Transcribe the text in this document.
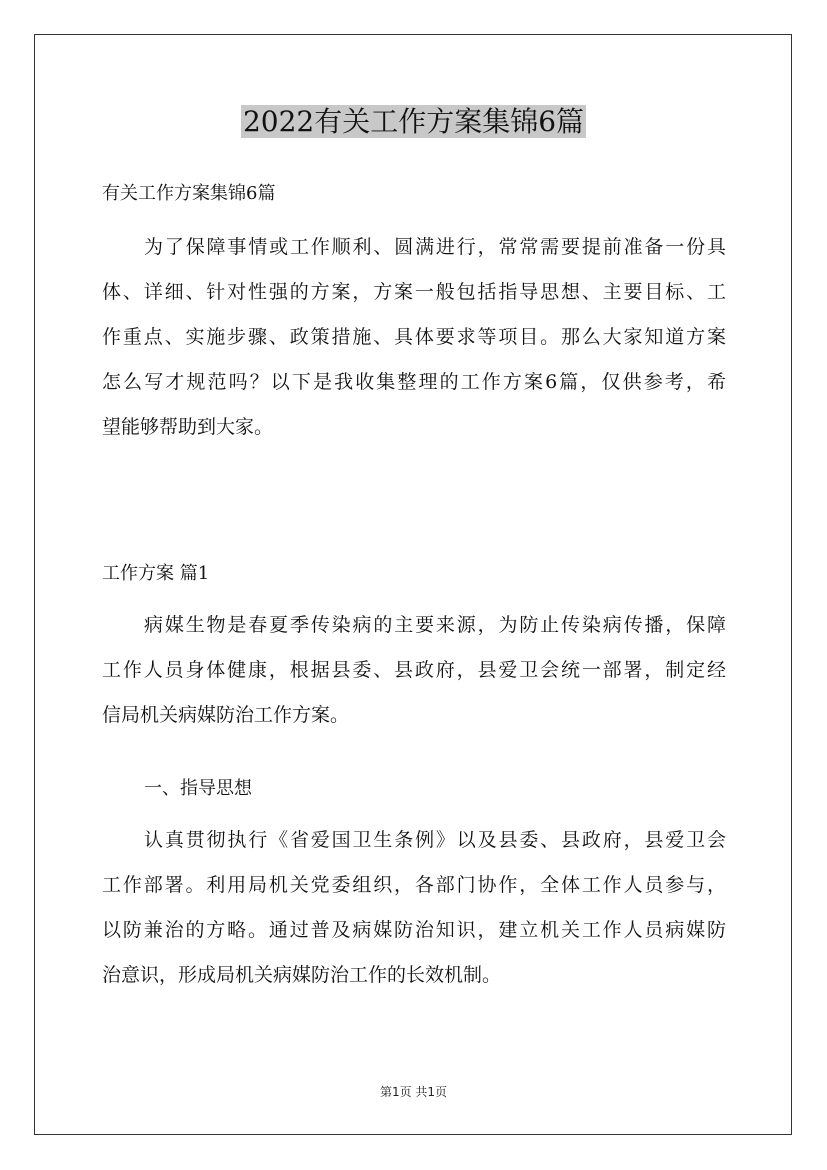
2022有关工作方案集锦6篇
有关工作方案集锦6篇
为了保障事情或工作顺利、圆满进行，常常需要提前准备一份具
体、详细、针对性强的方案，方案一般包括指导思想、主要目标、工
作重点、实施步骤、政策措施、具体要求等项目。那么大家知道方案
怎么写才规范吗？以下是我收集整理的工作方案6篇，仅供参考，希
望能够帮助到大家。
工作方案 篇1
病媒生物是春夏季传染病的主要来源，为防止传染病传播，保障
工作人员身体健康，根据县委、县政府，县爱卫会统一部署，制定经
信局机关病媒防治工作方案。
一、指导思想
认真贯彻执行《省爱国卫生条例》以及县委、县政府，县爱卫会
工作部署。利用局机关党委组织，各部门协作，全体工作人员参与，
以防兼治的方略。通过普及病媒防治知识，建立机关工作人员病媒防
治意识，形成局机关病媒防治工作的长效机制。
第1页 共1页
